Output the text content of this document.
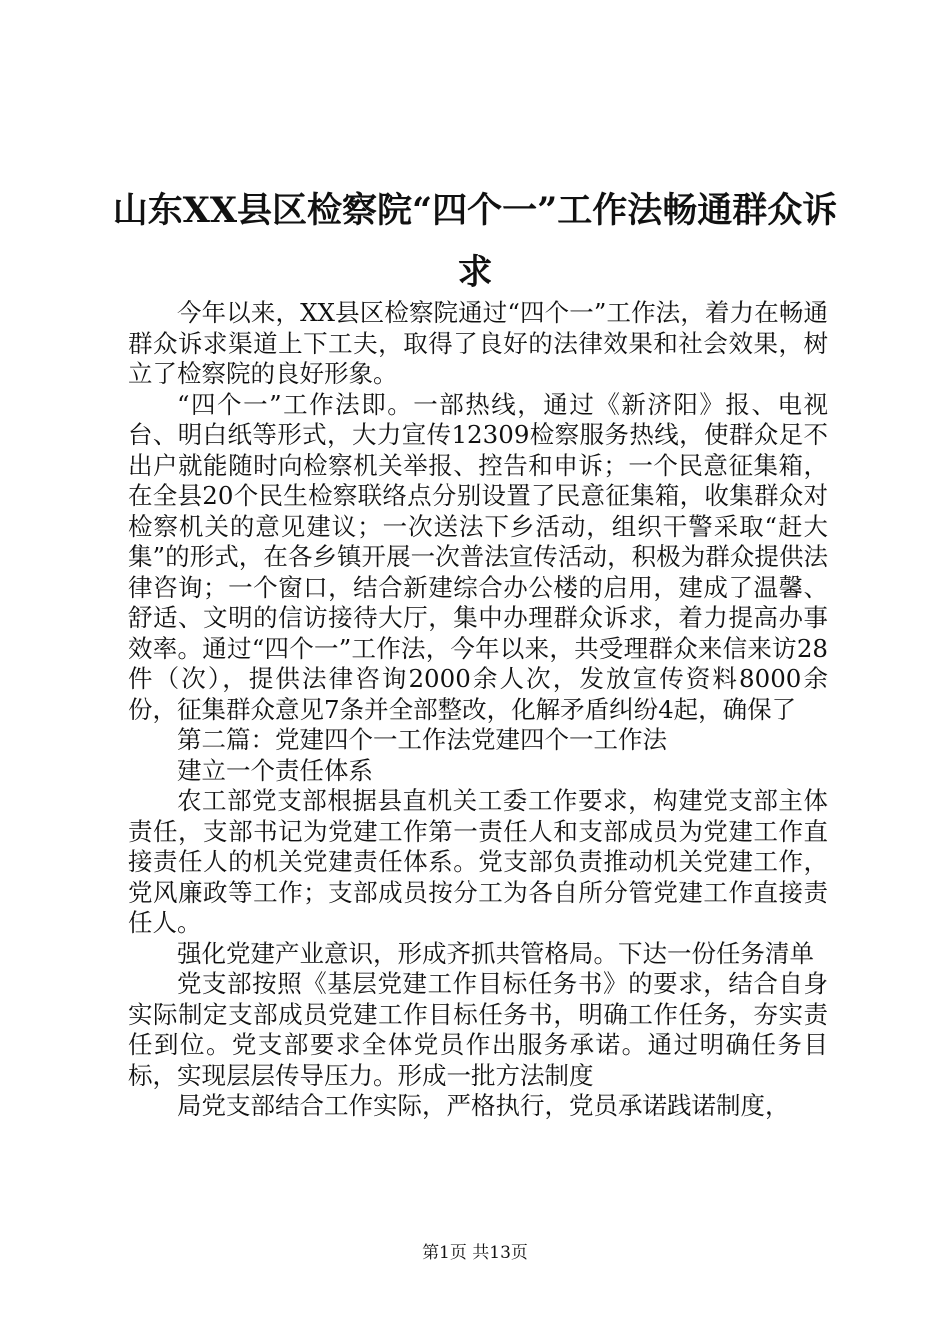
山东XX县区检察院“四个一”工作法畅通群众诉求

今年以来，XX县区检察院通过“四个一”工作法，着力在畅通群众诉求渠道上下工夫，取得了良好的法律效果和社会效果，树立了检察院的良好形象。

“四个一”工作法即。一部热线，通过《新济阳》报、电视台、明白纸等形式，大力宣传12309检察服务热线，使群众足不出户就能随时向检察机关举报、控告和申诉；一个民意征集箱，在全县20个民生检察联络点分别设置了民意征集箱，收集群众对检察机关的意见建议；一次送法下乡活动，组织干警采取“赶大集”的形式，在各乡镇开展一次普法宣传活动，积极为群众提供法律咨询；一个窗口，结合新建综合办公楼的启用，建成了温馨、舒适、文明的信访接待大厅，集中办理群众诉求，着力提高办事效率。通过“四个一”工作法，今年以来，共受理群众来信来访28件（次），提供法律咨询2000余人次，发放宣传资料8000余份，征集群众意见7条并全部整改，化解矛盾纠纷4起，确保了

第二篇：党建四个一工作法党建四个一工作法

建立一个责任体系

农工部党支部根据县直机关工委工作要求，构建党支部主体责任，支部书记为党建工作第一责任人和支部成员为党建工作直接责任人的机关党建责任体系。党支部负责推动机关党建工作，党风廉政等工作；支部成员按分工为各自所分管党建工作直接责任人。

强化党建产业意识，形成齐抓共管格局。下达一份任务清单

党支部按照《基层党建工作目标任务书》的要求，结合自身实际制定支部成员党建工作目标任务书，明确工作任务，夯实责任到位。党支部要求全体党员作出服务承诺。通过明确任务目标，实现层层传导压力。形成一批方法制度

局党支部结合工作实际，严格执行，党员承诺践诺制度，

第1页 共13页
